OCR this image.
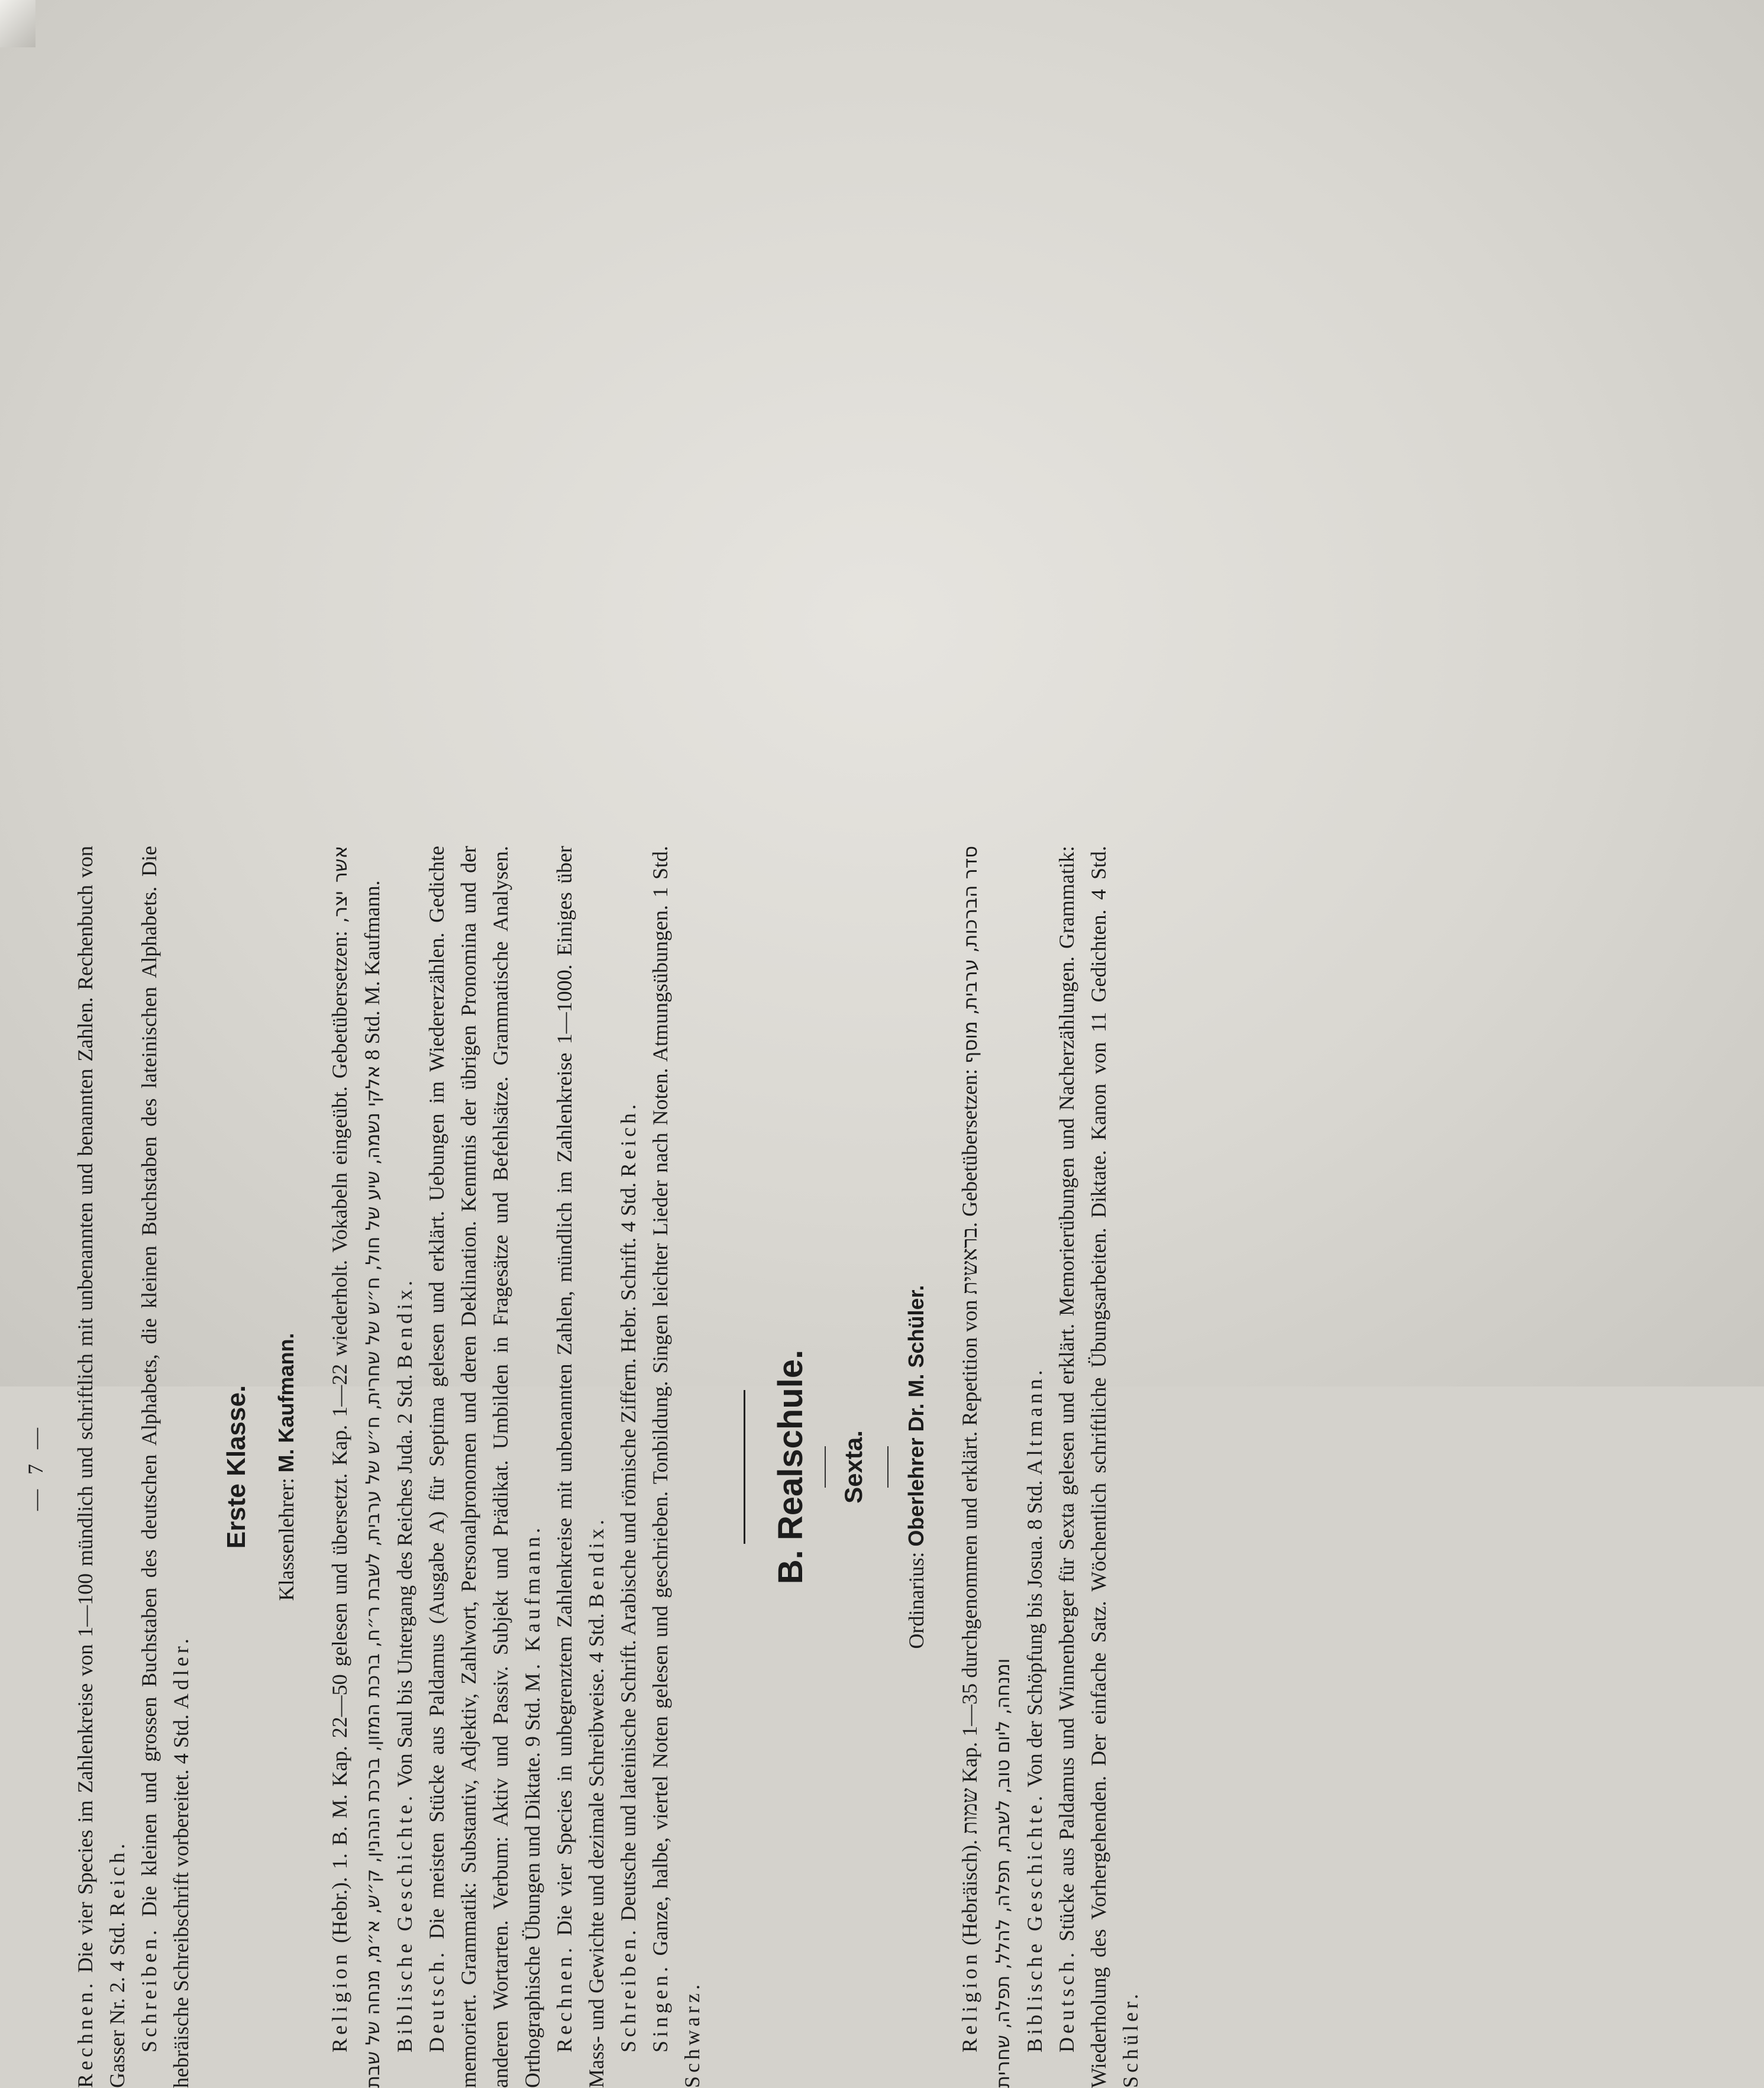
— 7 —

Rechnen. Die vier Species im Zahlenkreise von 1—100 mündlich und schriftlich mit unbenannten und benannten Zahlen. Rechenbuch von Gasser Nr. 2. 4 Std. Reich.

Schreiben. Die kleinen und grossen Buchstaben des deutschen Alphabets, die kleinen Buchstaben des lateinischen Alphabets. Die hebräische Schreibschrift vorbereitet. 4 Std. Adler.

Erste Klasse. Klassenlehrer: M. Kaufmann.

Religion (Hebr.). 1. B. M. Kap. 22—50 gelesen und übersetzt. Kap. 1—22 wiederholt. Vokabeln eingeübt. Gebetübersetzen: אשר יצר, אלקי נשמה, שיע של חול, ח״ש של שחרית, ח״ש של ערבית, לשבת ר״ח, ברכת המזון, ברכת הנהנין, ק״ש, א״מ, מנחה של שבת 8 Std. M. Kaufmann.

Biblische Geschichte. Von Saul bis Untergang des Reiches Juda. 2 Std. Bendix.

Deutsch. Die meisten Stücke aus Paldamus (Ausgabe A) für Septima gelesen und erklärt. Uebungen im Wiedererzählen. Gedichte memoriert. Grammatik: Substantiv, Adjektiv, Zahlwort, Personalpronomen und deren Deklination. Kenntnis der übrigen Pronomina und der anderen Wortarten. Verbum: Aktiv und Passiv. Subjekt und Prädikat. Umbilden in Fragesätze und Befehlsätze. Grammatische Analysen. Orthographische Übungen und Diktate. 9 Std. M. Kaufmann.

Rechnen. Die vier Species in unbegrenztem Zahlenkreise mit unbenannten Zahlen, mündlich im Zahlenkreise 1—1000. Einiges über Mass- und Gewichte und dezimale Schreibweise. 4 Std. Bendix.

Schreiben. Deutsche und lateinische Schrift. Arabische und römische Ziffern. Hebr. Schrift. 4 Std. Reich.

Singen. Ganze, halbe, viertel Noten gelesen und geschrieben. Tonbildung. Singen leichter Lieder nach Noten. Atmungsübungen. 1 Std. Schwarz.

B. Realschule. Sexta.
Ordinarius: Oberlehrer Dr. M. Schüler.

Religion (Hebräisch). שמות Kap. 1—35 durchgenommen und erklärt. Repetition von בראשית. Gebetübersetzen: סדר הברכות, ערבית, מוסף ומנחה, ליום טוב, לשבת, תפלה, להלל, תפלה, שחרית Biblische Geschichte. Von der Schöpfung bis Josua. 8 Std. Altmann.

Deutsch. Stücke aus Paldamus und Winnenberger für Sexta gelesen und erklärt. Memorierübungen und Nacherzählungen. Grammatik: Wiederholung des Vorhergehenden. Der einfache Satz. Wöchentlich schriftliche Übungsarbeiten. Diktate. Kanon von 11 Gedichten. 4 Std. Schüler.
